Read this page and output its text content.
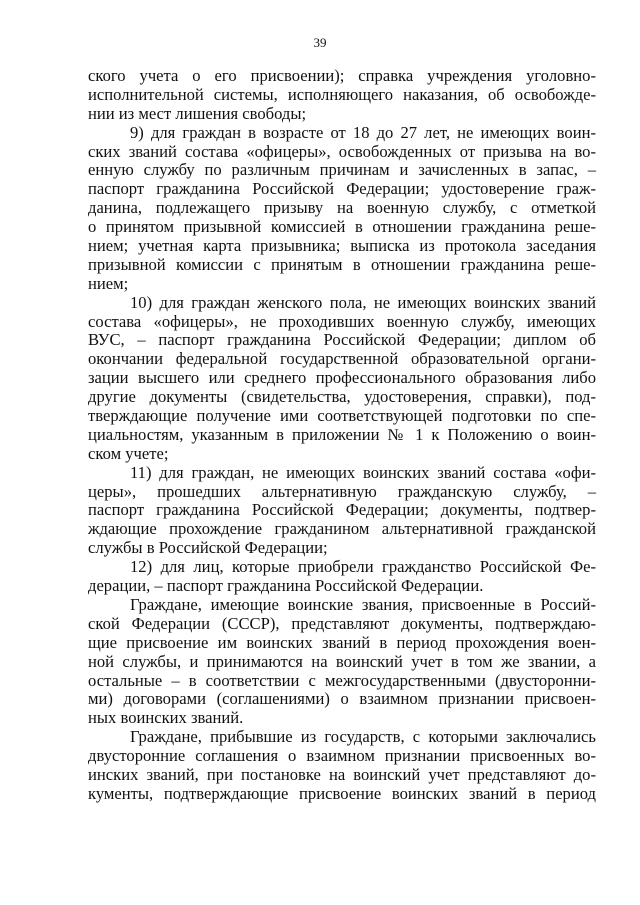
39
ского учета о его присвоении); справка учреждения уголовно-
исполнительной системы, исполняющего наказания, об освобожде-
нии из мест лишения свободы;
9) для граждан в возрасте от 18 до 27 лет, не имеющих воин-
ских званий состава «офицеры», освобожденных от призыва на во-
енную службу по различным причинам и зачисленных в запас, –
паспорт гражданина Российской Федерации; удостоверение граж-
данина, подлежащего призыву на военную службу, с отметкой
о принятом призывной комиссией в отношении гражданина реше-
нием; учетная карта призывника; выписка из протокола заседания
призывной комиссии с принятым в отношении гражданина реше-
нием;
10) для граждан женского пола, не имеющих воинских званий
состава «офицеры», не проходивших военную службу, имеющих
ВУС, – паспорт гражданина Российской Федерации; диплом об
окончании федеральной государственной образовательной органи-
зации высшего или среднего профессионального образования либо
другие документы (свидетельства, удостоверения, справки), под-
тверждающие получение ими соответствующей подготовки по спе-
циальностям, указанным в приложении № 1 к Положению о воин-
ском учете;
11) для граждан, не имеющих воинских званий состава «офи-
церы», прошедших альтернативную гражданскую службу, –
паспорт гражданина Российской Федерации; документы, подтвер-
ждающие прохождение гражданином альтернативной гражданской
службы в Российской Федерации;
12) для лиц, которые приобрели гражданство Российской Фе-
дерации, – паспорт гражданина Российской Федерации.
Граждане, имеющие воинские звания, присвоенные в Россий-
ской Федерации (СССР), представляют документы, подтверждаю-
щие присвоение им воинских званий в период прохождения воен-
ной службы, и принимаются на воинский учет в том же звании, а
остальные – в соответствии с межгосударственными (двусторонни-
ми) договорами (соглашениями) о взаимном признании присвоен-
ных воинских званий.
Граждане, прибывшие из государств, с которыми заключались
двусторонние соглашения о взаимном признании присвоенных во-
инских званий, при постановке на воинский учет представляют до-
кументы, подтверждающие присвоение воинских званий в период
